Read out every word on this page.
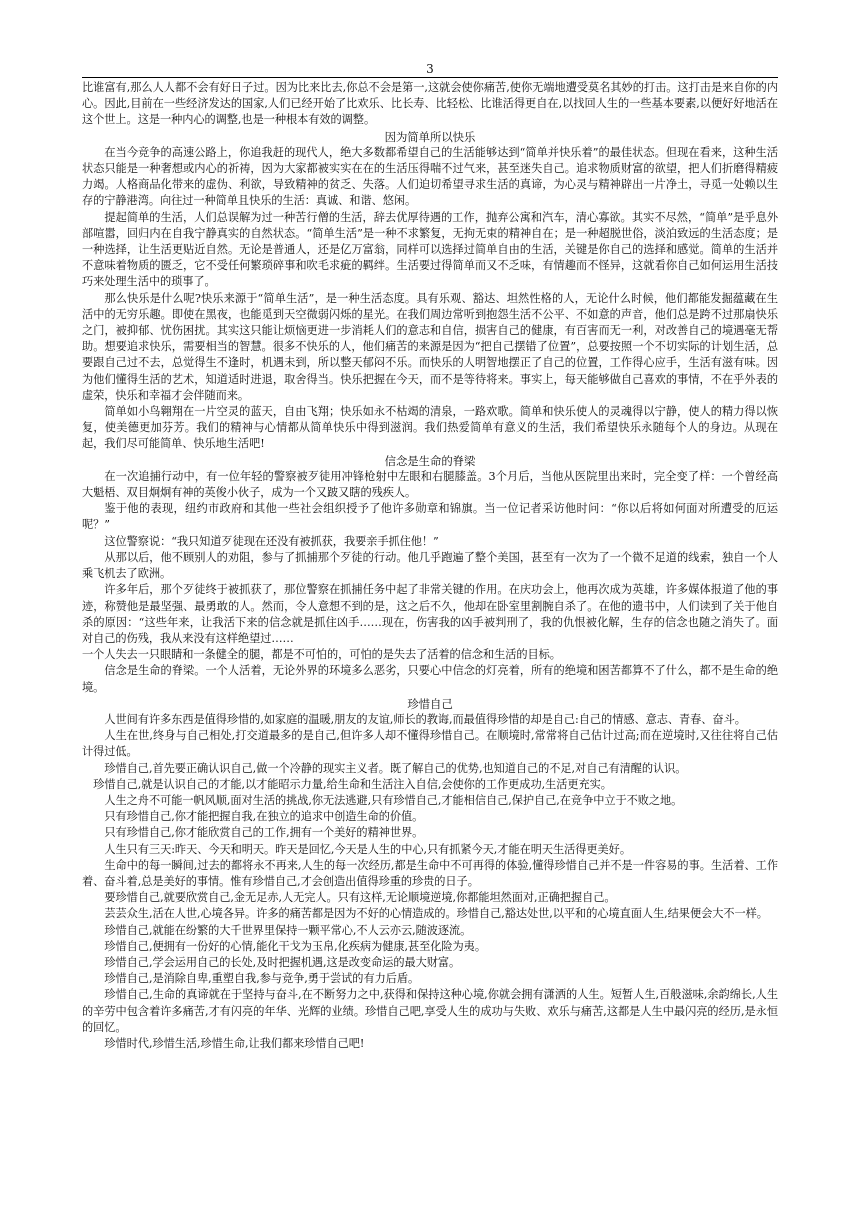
3

比谁富有,那么人人都不会有好日子过。因为比来比去,你总不会是第一,这就会使你痛苦,使你无端地遭受莫名其妙的打击。这打击是来自你的内心。因此,目前在一些经济发达的国家,人们已经开始了比欢乐、比长寿、比轻松、比谁活得更自在,以找回人生的一些基本要素,以便好好地活在这个世上。这是一种内心的调整,也是一种根本有效的调整。

因为简单所以快乐

在当今竞争的高速公路上，你追我赶的现代人，绝大多数都希望自己的生活能够达到“简单并快乐着”的最佳状态。但现在看来，这种生活状态只能是一种奢想或内心的祈祷，因为大家都被实实在在的生活压得喘不过气来，甚至迷失自己。追求物质财富的欲望，把人们折磨得精疲力竭。人格商品化带来的虚伪、利欲，导致精神的贫乏、失落。人们迫切希望寻求生活的真谛，为心灵与精神辟出一片净土，寻觅一处赖以生存的宁静港湾。向往过一种简单且快乐的生活：真诚、和谐、悠闲。

提起简单的生活，人们总误解为过一种苦行僧的生活，辞去优厚待遇的工作，抛弃公寓和汽车，清心寡欲。其实不尽然，“简单”是乎息外部喧嚣，回归内在自我宁静真实的自然状态。“简单生活”是一种不求繁复，无拘无束的精神自在；是一种超脱世俗，淡泊致远的生活态度；是一种选择，让生活更贴近自然。无论是普通人，还是亿万富翁，同样可以选择过简单自由的生活，关键是你自己的选择和感觉。简单的生活并不意味着物质的匮乏，它不受任何繁琐碎事和吹毛求疵的羁绊。生活要过得简单而又不乏味，有情趣而不怪异，这就看你自己如何运用生活技巧来处理生活中的琐事了。

那么快乐是什么呢?快乐来源于“简单生活”，是一种生活态度。具有乐观、豁达、坦然性格的人，无论什么时候，他们都能发掘蕴藏在生活中的无穷乐趣。即使在黑夜，也能觅到天空微弱闪烁的星光。在我们周边常听到抱怨生活不公平、不如意的声音，他们总是跨不过那扇快乐之门，被抑郁、忧伤困扰。其实这只能让烦恼更进一步消耗人们的意志和自信，损害自己的健康，有百害而无一利，对改善自己的境遇毫无帮助。想要追求快乐，需要相当的智慧。很多不快乐的人，他们痛苦的来源是因为“把自己摆错了位置”，总要按照一个不切实际的计划生活，总要跟自己过不去，总觉得生不逢时，机遇未到，所以整天郁闷不乐。而快乐的人明智地摆正了自己的位置，工作得心应手，生活有滋有味。因为他们懂得生活的艺术，知道适时进退，取舍得当。快乐把握在今天，而不是等待将来。事实上，每天能够做自己喜欢的事情，不在乎外表的虚荣，快乐和幸福才会伴随而来。

简单如小鸟翱翔在一片空灵的蓝天，自由飞翔；快乐如永不枯竭的清泉，一路欢歌。简单和快乐使人的灵魂得以宁静，使人的精力得以恢复，使美德更加芬芳。我们的精神与心情都从简单快乐中得到滋润。我们热爱简单有意义的生活，我们希望快乐永随每个人的身边。从现在起，我们尽可能简单、快乐地生活吧!

信念是生命的脊梁

在一次追捕行动中，有一位年轻的警察被歹徒用冲锋枪射中左眼和右腿膝盖。3个月后，当他从医院里出来时，完全变了样：一个曾经高大魁梧、双目炯炯有神的英俊小伙子，成为一个又跛又瞎的残疾人。

鉴于他的表现，纽约市政府和其他一些社会组织授予了他许多勋章和锦旗。当一位记者采访他时问：“你以后将如何面对所遭受的厄运呢？”

这位警察说：“我只知道歹徒现在还没有被抓获，我要亲手抓住他！”

从那以后，他不顾别人的劝阻，参与了抓捕那个歹徒的行动。他几乎跑遍了整个美国，甚至有一次为了一个微不足道的线索，独自一个人乘飞机去了欧洲。

许多年后，那个歹徒终于被抓获了，那位警察在抓捕任务中起了非常关键的作用。在庆功会上，他再次成为英雄，许多媒体报道了他的事迹，称赞他是最坚强、最勇敢的人。然而，令人意想不到的是，这之后不久，他却在卧室里割腕自杀了。在他的遗书中，人们读到了关于他自杀的原因：“这些年来，让我活下来的信念就是抓住凶手……现在，伤害我的凶手被判刑了，我的仇恨被化解，生存的信念也随之消失了。面对自己的伤残，我从来没有这样绝望过……

一个人失去一只眼睛和一条健全的腿，都是不可怕的，可怕的是失去了活着的信念和生活的目标。

信念是生命的脊梁。一个人活着，无论外界的环境多么恶劣，只要心中信念的灯亮着，所有的绝境和困苦都算不了什么，都不是生命的绝境。

珍惜自己

人世间有许多东西是值得珍惜的,如家庭的温暖,朋友的友谊,师长的教诲,而最值得珍惜的却是自己:自己的情感、意志、青春、奋斗。

人生在世,终身与自己相处,打交道最多的是自己,但许多人却不懂得珍惜自己。在顺境时,常常将自己估计过高;而在逆境时,又往往将自己估计得过低。

珍惜自己,首先要正确认识自己,做一个冷静的现实主义者。既了解自己的优势,也知道自己的不足,对自己有清醒的认识。

珍惜自己,就是认识自己的才能,以才能昭示力量,给生命和生活注入自信,会使你的工作更成功,生活更充实。

人生之舟不可能一帆风顺,面对生活的挑战,你无法逃避,只有珍惜自己,才能相信自己,保护自己,在竞争中立于不败之地。

只有珍惜自己,你才能把握自我,在独立的追求中创造生命的价值。

只有珍惜自己,你才能欣赏自己的工作,拥有一个美好的精神世界。

人生只有三天:昨天、今天和明天。昨天是回忆,今天是人生的中心,只有抓紧今天,才能在明天生活得更美好。

生命中的每一瞬间,过去的都将永不再来,人生的每一次经历,都是生命中不可再得的体验,懂得珍惜自己并不是一件容易的事。生活着、工作着、奋斗着,总是美好的事情。惟有珍惜自己,才会创造出值得珍重的珍贵的日子。

要珍惜自己,就要欣赏自己,金无足赤,人无完人。只有这样,无论顺境逆境,你都能坦然面对,正确把握自己。

芸芸众生,活在人世,心境各异。许多的痛苦都是因为不好的心情造成的。珍惜自己,豁达处世,以平和的心境直面人生,结果便会大不一样。

珍惜自己,就能在纷繁的大千世界里保持一颗平常心,不人云亦云,随波逐流。

珍惜自己,便拥有一份好的心情,能化干戈为玉帛,化疾病为健康,甚至化险为夷。

珍惜自己,学会运用自己的长处,及时把握机遇,这是改变命运的最大财富。

珍惜自己,是消除自卑,重塑自我,参与竞争,勇于尝试的有力后盾。

珍惜自己,生命的真谛就在于坚持与奋斗,在不断努力之中,获得和保持这种心境,你就会拥有潇洒的人生。短暂人生,百般滋味,余韵绵长,人生的辛劳中包含着许多痛苦,才有闪亮的年华、光辉的业绩。珍惜自己吧,享受人生的成功与失败、欢乐与痛苦,这都是人生中最闪亮的经历,是永恒的回忆。

珍惜时代,珍惜生活,珍惜生命,让我们都来珍惜自己吧!
